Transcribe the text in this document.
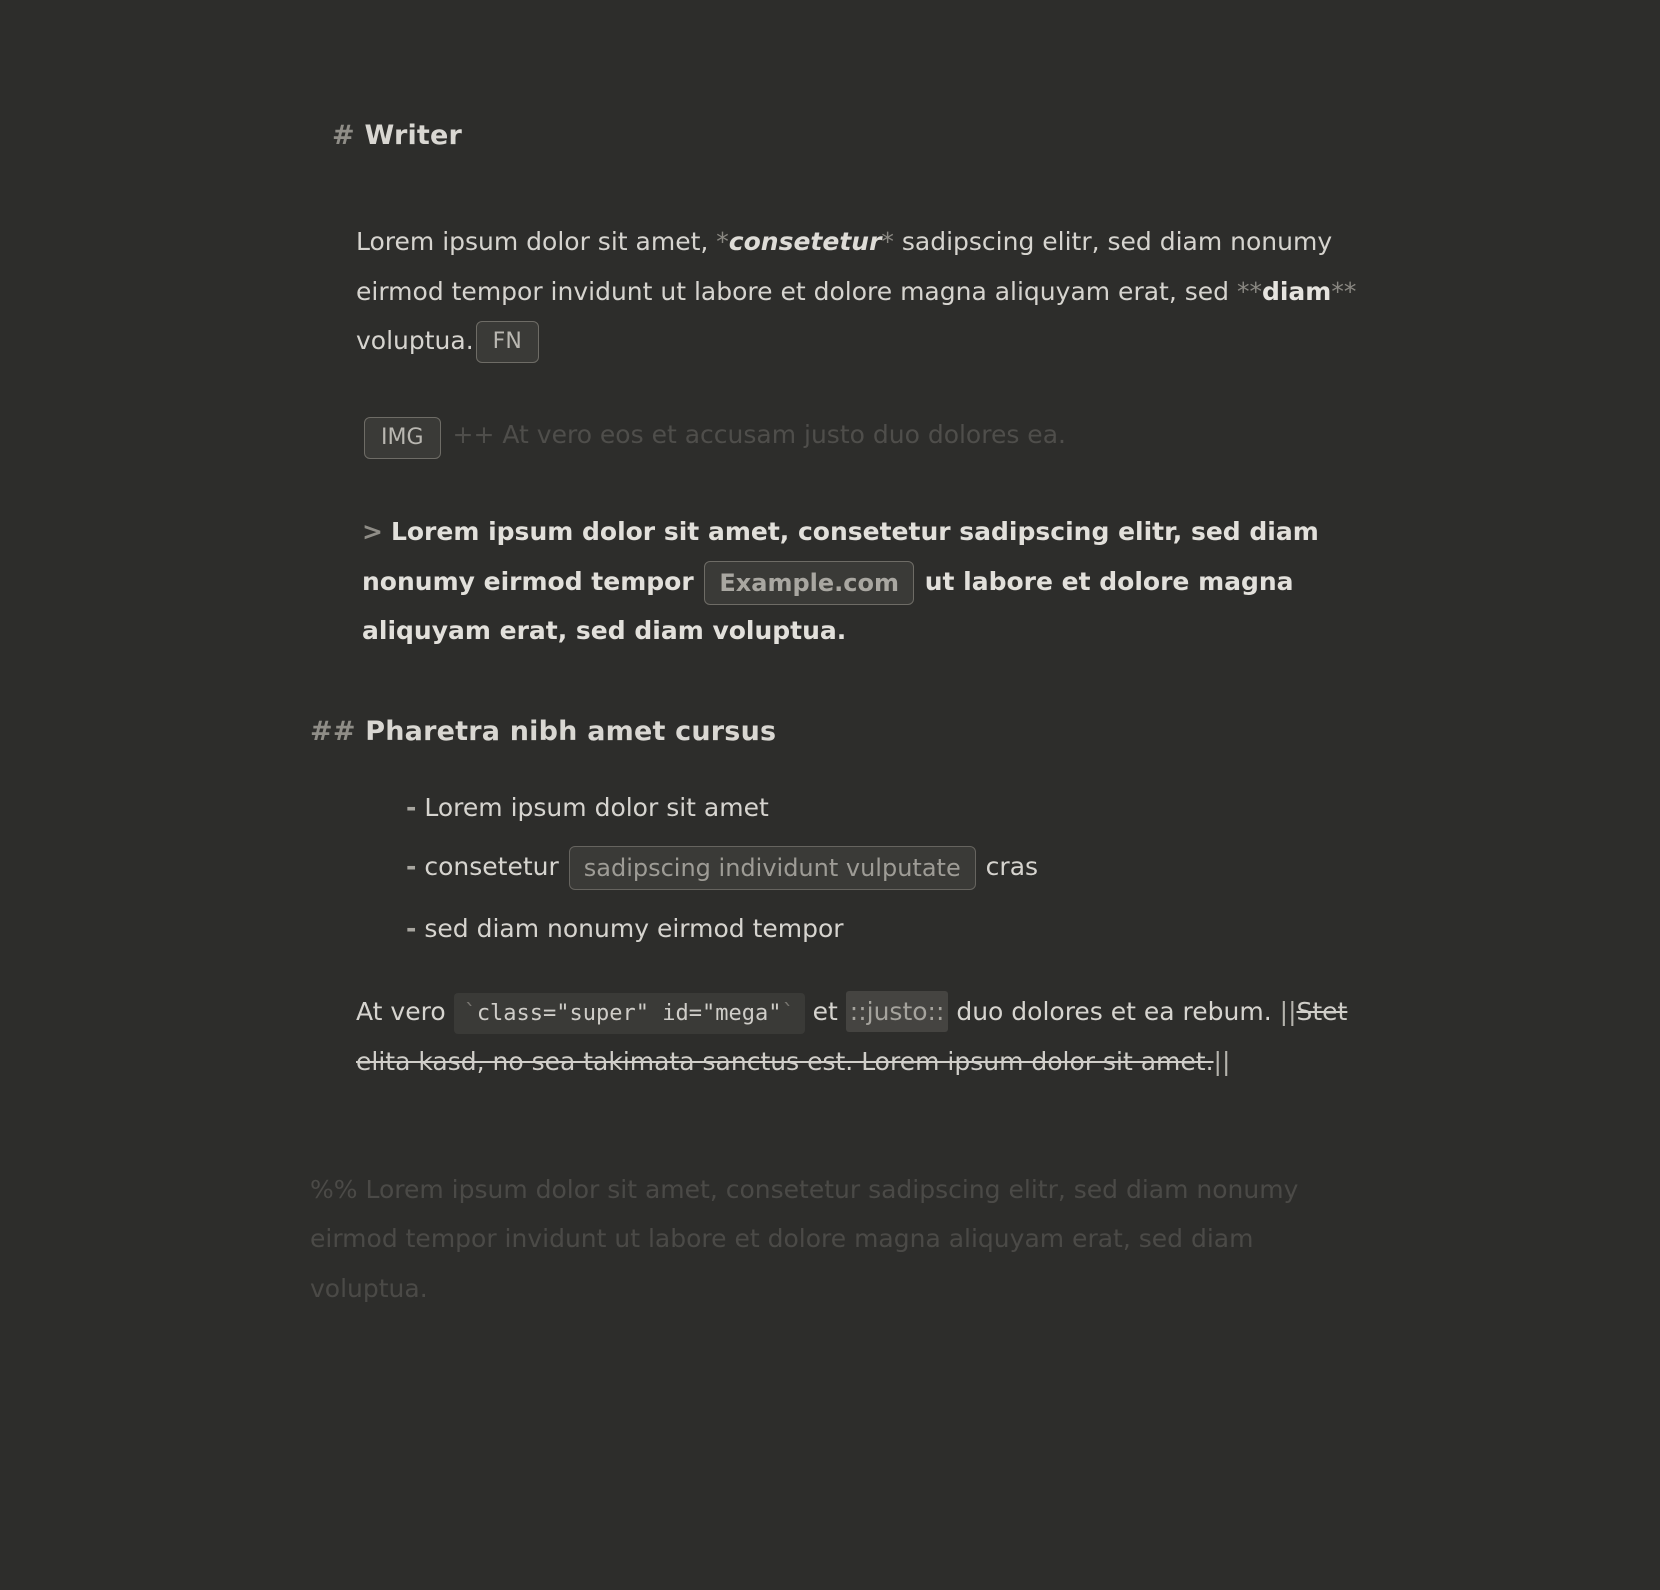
# Writer

Lorem ipsum dolor sit amet, *consetetur* sadipscing elitr, sed diam nonumy eirmod tempor invidunt ut labore et dolore magna aliquyam erat, sed **diam** voluptua. FN

IMG ++ At vero eos et accusam justo duo dolores ea.
> Lorem ipsum dolor sit amet, consetetur sadipscing elitr, sed diam nonumy eirmod tempor Example.com ut labore et dolore magna aliquyam erat, sed diam voluptua.
## Pharetra nibh amet cursus
- Lorem ipsum dolor sit amet
- consetetur sadipscing individunt vulputate cras
- sed diam nonumy eirmod tempor

At vero `class="super" id="mega"` et ::justo:: duo dolores et ea rebum. ||Stet elita kasd, no sea takimata sanctus est. Lorem ipsum dolor sit amet.||

%% Lorem ipsum dolor sit amet, consetetur sadipscing elitr, sed diam nonumy eirmod tempor invidunt ut labore et dolore magna aliquyam erat, sed diam voluptua.
